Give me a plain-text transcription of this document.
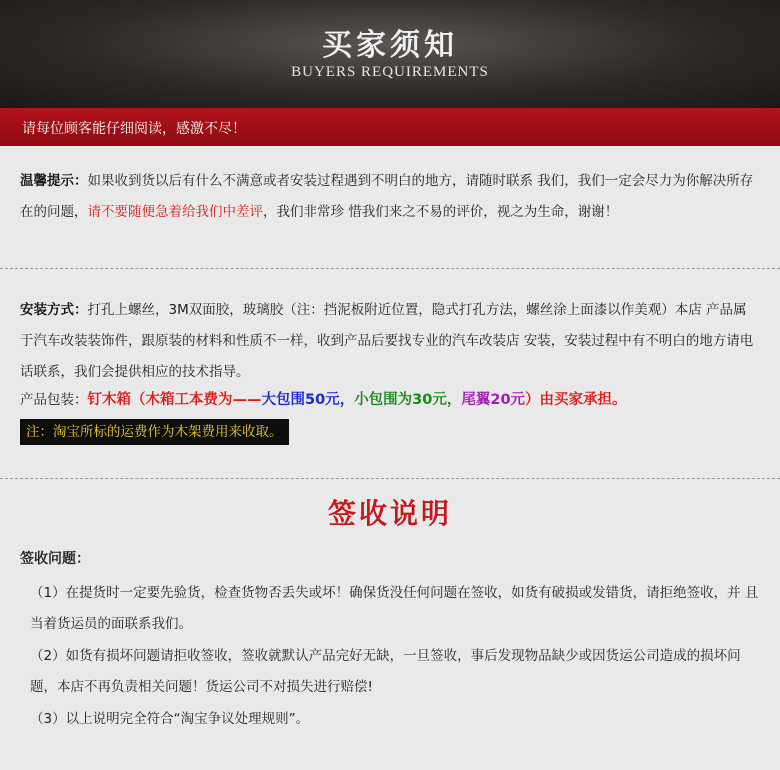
买家须知
BUYERS REQUIREMENTS
请每位顾客能仔细阅读，感激不尽！
温馨提示：如果收到货以后有什么不满意或者安装过程遇到不明白的地方，请随时联系 我们，我们一定会尽力为你解决所存在的问题，请不要随便急着给我们中差评，我们非常珍 惜我们来之不易的评价，视之为生命，谢谢！
安装方式：打孔上螺丝，3M双面胶，玻璃胶（注：挡泥板附近位置，隐式打孔方法，螺丝涂上面漆以作美观）本店 产品属于汽车改装装饰件，跟原装的材料和性质不一样，收到产品后要找专业的汽车改装店 安装，安装过程中有不明白的地方请电话联系，我们会提供相应的技术指导。
产品包装：钉木箱（木箱工本费为——大包围50元，小包围为30元，尾翼20元）由买家承担。
注：淘宝所标的运费作为木架费用来收取。
签收说明
签收问题：
（1）在提货时一定要先验货，检查货物否丢失或坏！确保货没任何问题在签收，如货有破损或发错货，请拒绝签收，并 且当着货运员的面联系我们。
（2）如货有损坏问题请拒收签收，签收就默认产品完好无缺，一旦签收，事后发现物品缺少或因货运公司造成的损坏问题，本店不再负责相关问题！货运公司不对损失进行赔偿!
（3）以上说明完全符合“淘宝争议处理规则”。
